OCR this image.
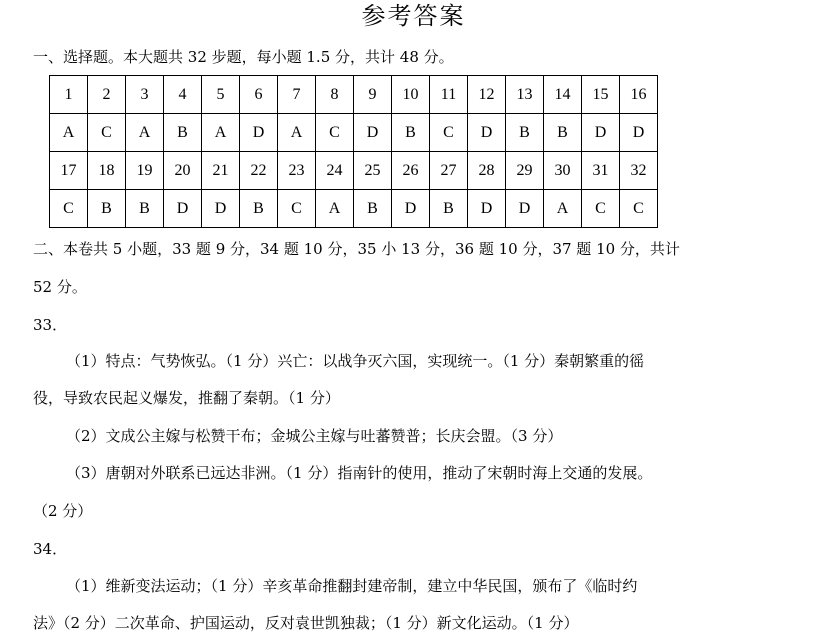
参考答案
一、选择题。本大题共 32 步题，每小题 1.5 分，共计 48 分。
1	2	3	4	5	6	7	8	9	10	11	12	13	14	15	16
A	C	A	B	A	D	A	C	D	B	C	D	B	B	D	D
17	18	19	20	21	22	23	24	25	26	27	28	29	30	31	32
C	B	B	D	D	B	C	A	B	D	B	D	D	A	C	C
二、本卷共 5 小题，33 题 9 分，34 题 10 分，35 小 13 分，36 题 10 分，37 题 10 分，共计
52 分。
33．
（1）特点：气势恢弘。（1 分）兴亡：以战争灭六国，实现统一。（1 分）秦朝繁重的徭
役，导致农民起义爆发，推翻了秦朝。（1 分）
（2）文成公主嫁与松赞干布；金城公主嫁与吐蕃赞普；长庆会盟。（3 分）
（3）唐朝对外联系已远达非洲。（1 分）指南针的使用，推动了宋朝时海上交通的发展。
（2 分）
34．
（1）维新变法运动；（1 分）辛亥革命推翻封建帝制，建立中华民国，颁布了《临时约
法》（2 分）二次革命、护国运动，反对袁世凯独裁；（1 分）新文化运动。（1 分）
